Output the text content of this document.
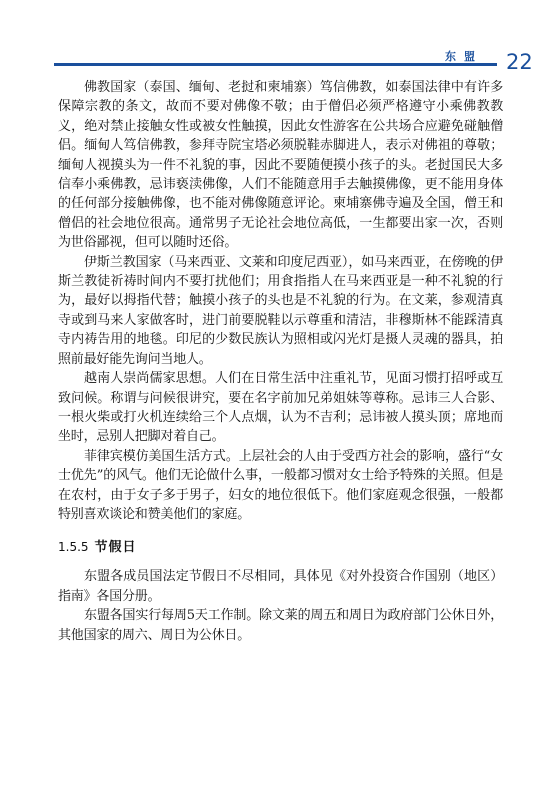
东盟 22

佛教国家（泰国、缅甸、老挝和柬埔寨）笃信佛教，如泰国法律中有许多保障宗教的条文，故而不要对佛像不敬；由于僧侣必须严格遵守小乘佛教教义，绝对禁止接触女性或被女性触摸，因此女性游客在公共场合应避免碰触僧侣。缅甸人笃信佛教，参拜寺院宝塔必须脱鞋赤脚进人，表示对佛祖的尊敬；缅甸人视摸头为一件不礼貌的事，因此不要随便摸小孩子的头。老挝国民大多信奉小乘佛教，忌讳亵渎佛像，人们不能随意用手去触摸佛像，更不能用身体的任何部分接触佛像，也不能对佛像随意评论。柬埔寨佛寺遍及全国，僧王和僧侣的社会地位很高。通常男子无论社会地位高低，一生都要出家一次，否则为世俗鄙视，但可以随时还俗。

伊斯兰教国家（马来西亚、文莱和印度尼西亚），如马来西亚，在傍晚的伊斯兰教徒祈祷时间内不要打扰他们；用食指指人在马来西亚是一种不礼貌的行为，最好以拇指代替；触摸小孩子的头也是不礼貌的行为。在文莱，参观清真寺或到马来人家做客时，进门前要脱鞋以示尊重和清洁，非穆斯林不能踩清真寺内祷告用的地毯。印尼的少数民族认为照相或闪光灯是摄人灵魂的器具，拍照前最好能先询问当地人。

越南人崇尚儒家思想。人们在日常生活中注重礼节，见面习惯打招呼或互致问候。称谓与问候很讲究，要在名字前加兄弟姐妹等尊称。忌讳三人合影、一根火柴或打火机连续给三个人点烟，认为不吉利；忌讳被人摸头顶；席地而坐时，忌别人把脚对着自己。

菲律宾模仿美国生活方式。上层社会的人由于受西方社会的影响，盛行“女士优先”的风气。他们无论做什么事，一般都习惯对女士给予特殊的关照。但是在农村，由于女子多于男子，妇女的地位很低下。他们家庭观念很强，一般都特别喜欢谈论和赞美他们的家庭。

1.5.5 节假日

东盟各成员国法定节假日不尽相同，具体见《对外投资合作国别（地区）指南》各国分册。

东盟各国实行每周5天工作制。除文莱的周五和周日为政府部门公休日外，其他国家的周六、周日为公休日。
